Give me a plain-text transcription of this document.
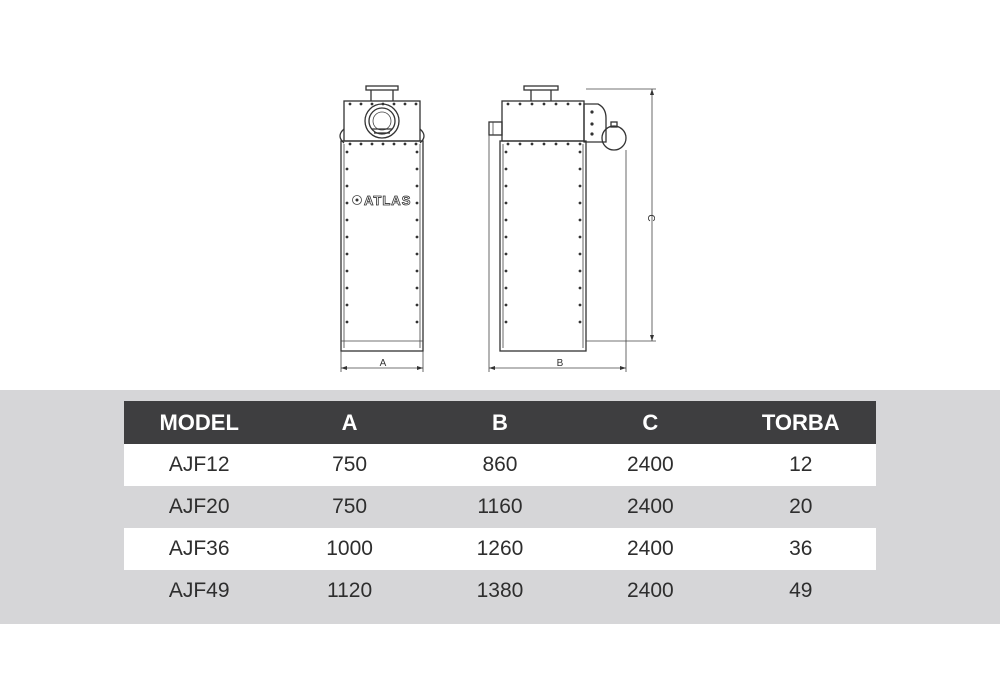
ATLAS
A	B
C
MODEL	A	B	C	TORBA
AJF12	750	860	2400	12
AJF20	750	1160	2400	20
AJF36	1000	1260	2400	36
AJF49	1120	1380	2400	49
